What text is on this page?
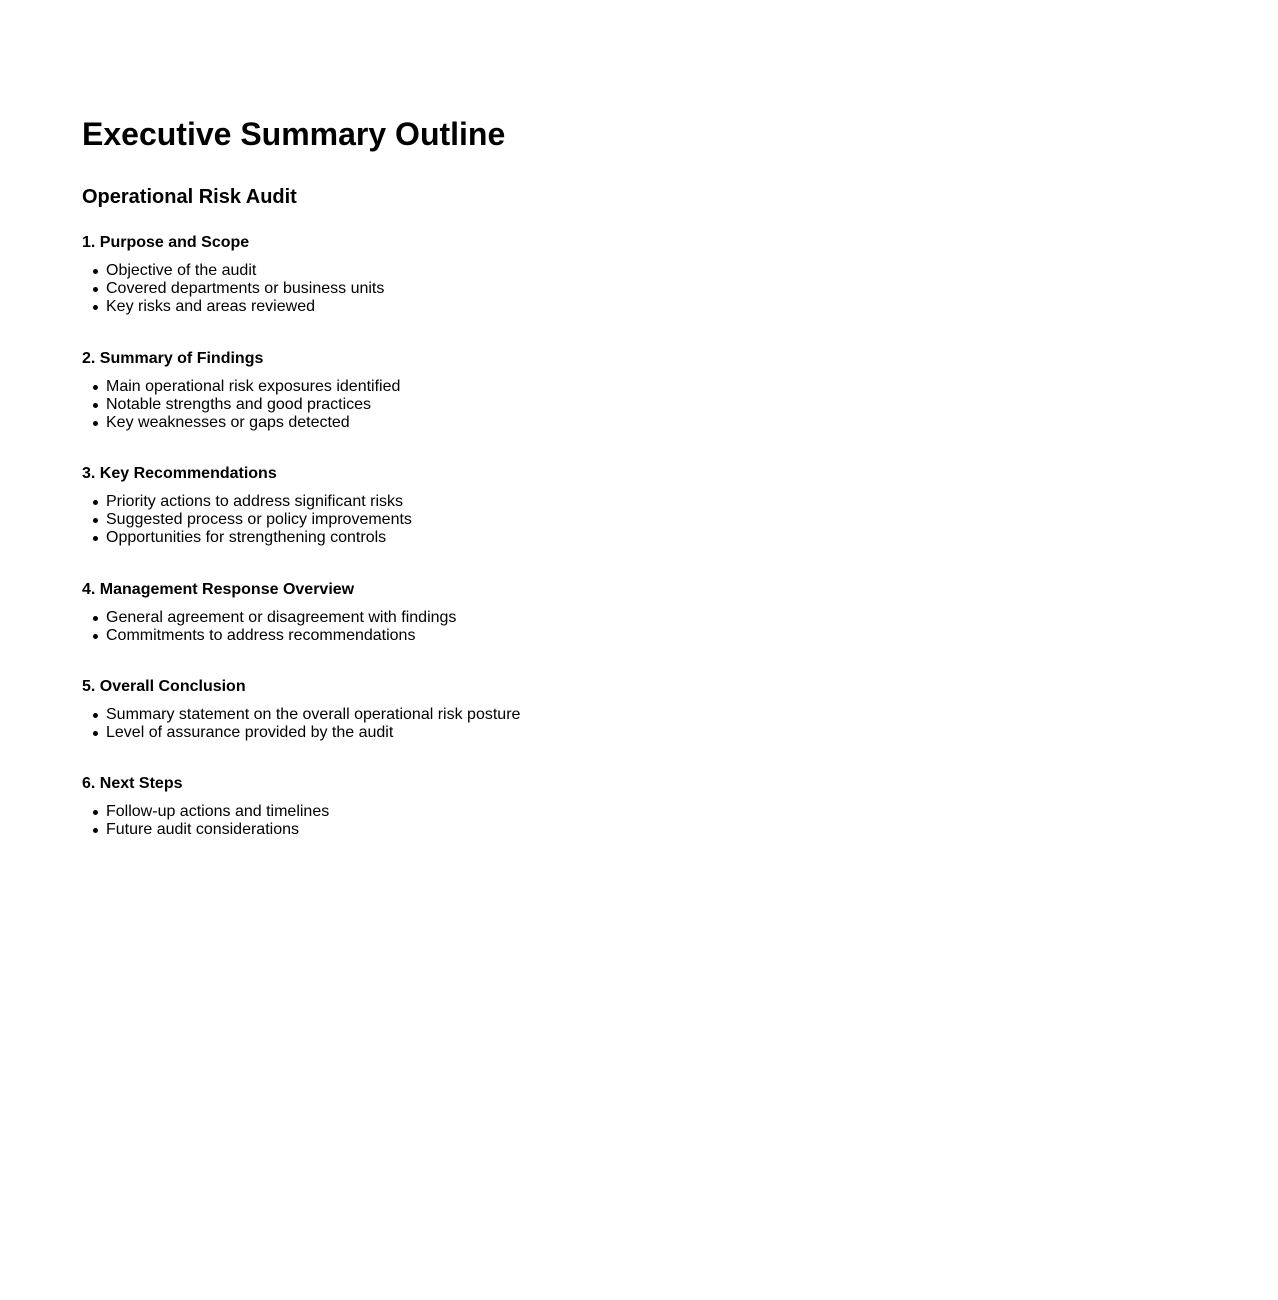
Executive Summary Outline
Operational Risk Audit
1. Purpose and Scope
Objective of the audit
Covered departments or business units
Key risks and areas reviewed
2. Summary of Findings
Main operational risk exposures identified
Notable strengths and good practices
Key weaknesses or gaps detected
3. Key Recommendations
Priority actions to address significant risks
Suggested process or policy improvements
Opportunities for strengthening controls
4. Management Response Overview
General agreement or disagreement with findings
Commitments to address recommendations
5. Overall Conclusion
Summary statement on the overall operational risk posture
Level of assurance provided by the audit
6. Next Steps
Follow-up actions and timelines
Future audit considerations
